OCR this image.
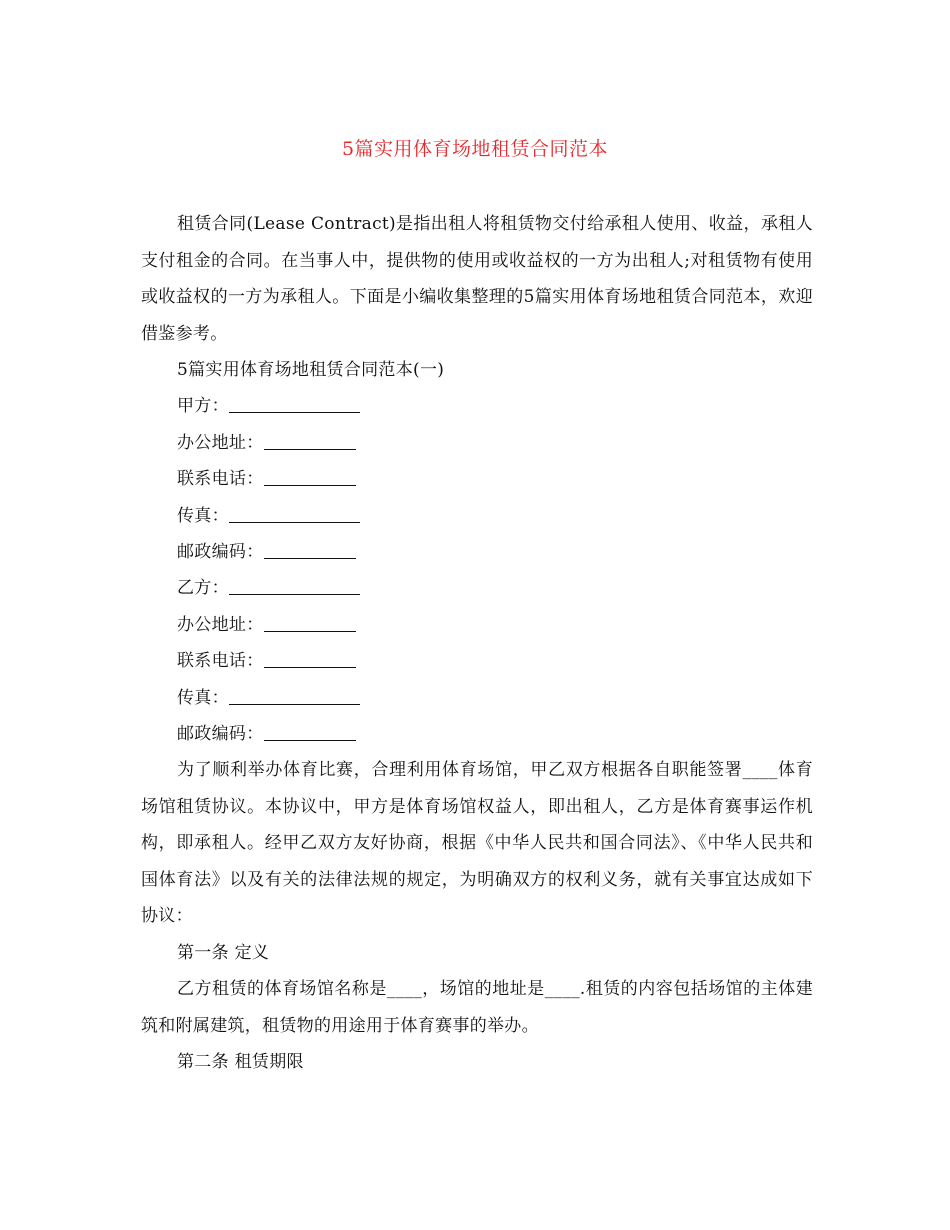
5篇实用体育场地租赁合同范本

租赁合同(Lease Contract)是指出租人将租赁物交付给承租人使用、收益，承租人支付租金的合同。在当事人中，提供物的使用或收益权的一方为出租人;对租赁物有使用或收益权的一方为承租人。下面是小编收集整理的5篇实用体育场地租赁合同范本，欢迎借鉴参考。

5篇实用体育场地租赁合同范本(一)

甲方：

办公地址：

联系电话：

传真：

邮政编码：

乙方：

办公地址：

联系电话：

传真：

邮政编码：

为了顺利举办体育比赛，合理利用体育场馆，甲乙双方根据各自职能签署____体育场馆租赁协议。本协议中，甲方是体育场馆权益人，即出租人，乙方是体育赛事运作机构，即承租人。经甲乙双方友好协商，根据《中华人民共和国合同法》、《中华人民共和国体育法》以及有关的法律法规的规定，为明确双方的权利义务，就有关事宜达成如下协议：

第一条 定义

乙方租赁的体育场馆名称是____，场馆的地址是____.租赁的内容包括场馆的主体建筑和附属建筑，租赁物的用途用于体育赛事的举办。

第二条 租赁期限
